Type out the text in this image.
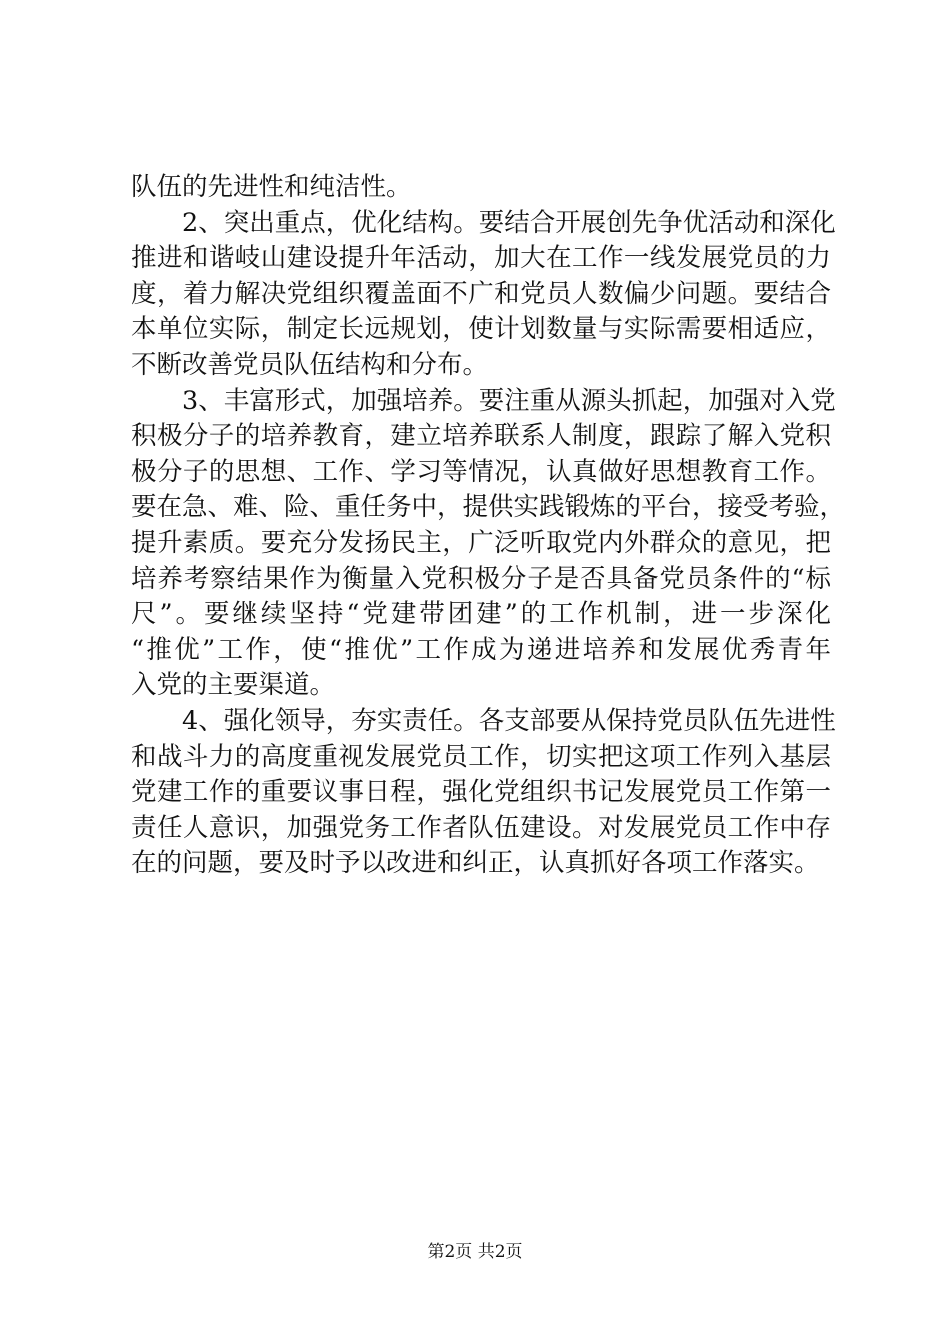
队伍的先进性和纯洁性。
2、突出重点，优化结构。要结合开展创先争优活动和深化
推进和谐岐山建设提升年活动，加大在工作一线发展党员的力
度，着力解决党组织覆盖面不广和党员人数偏少问题。要结合
本单位实际，制定长远规划，使计划数量与实际需要相适应，
不断改善党员队伍结构和分布。
3、丰富形式，加强培养。要注重从源头抓起，加强对入党
积极分子的培养教育，建立培养联系人制度，跟踪了解入党积
极分子的思想、工作、学习等情况，认真做好思想教育工作。
要在急、难、险、重任务中，提供实践锻炼的平台，接受考验，
提升素质。要充分发扬民主，广泛听取党内外群众的意见，把
培养考察结果作为衡量入党积极分子是否具备党员条件的“标
尺”。要继续坚持“党建带团建”的工作机制，进一步深化
“推优”工作，使“推优”工作成为递进培养和发展优秀青年
入党的主要渠道。
4、强化领导，夯实责任。各支部要从保持党员队伍先进性
和战斗力的高度重视发展党员工作，切实把这项工作列入基层
党建工作的重要议事日程，强化党组织书记发展党员工作第一
责任人意识，加强党务工作者队伍建设。对发展党员工作中存
在的问题，要及时予以改进和纠正，认真抓好各项工作落实。
第2页 共2页
